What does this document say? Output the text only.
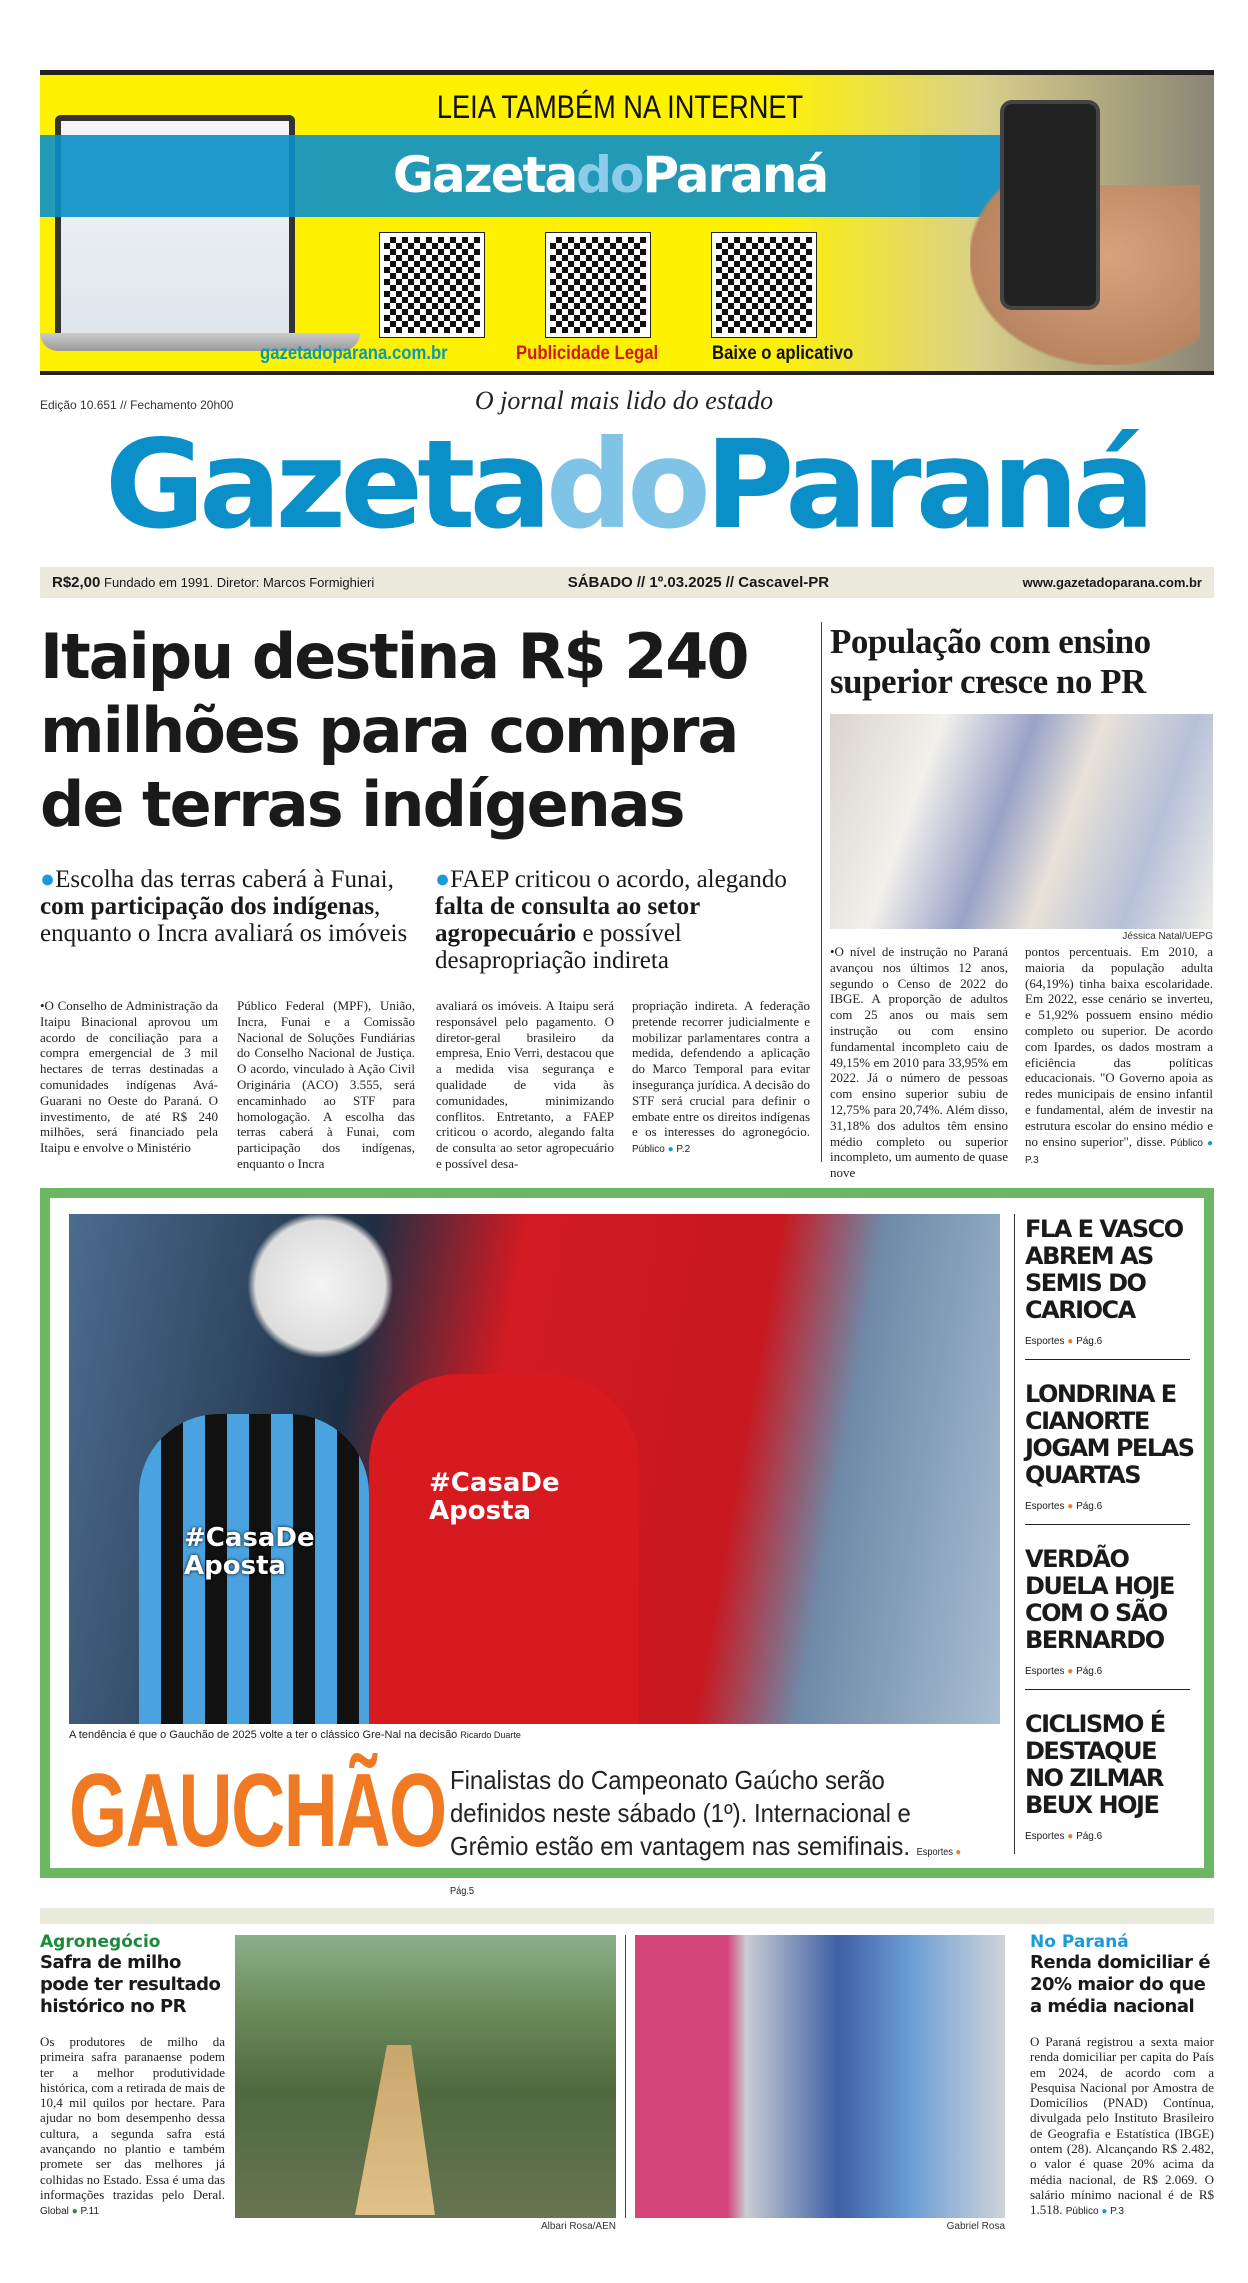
LEIA TAMBÉM NA INTERNET
GazetadoParaná
gazetadoparana.com.br	Publicidade Legal	Baixe o aplicativo
O jornal mais lido do estado
Edição 10.651 // Fechamento 20h00
GazetadoParaná
R$2,00 Fundado em 1991. Diretor: Marcos Formighieri	SÁBADO // 1º.03.2025 // Cascavel-PR	www.gazetadoparana.com.br
Itaipu destina R$ 240 milhões para compra de terras indígenas
●Escolha das terras caberá à Funai, com participação dos indígenas, enquanto o Incra avaliará os imóveis
●FAEP criticou o acordo, alegando falta de consulta ao setor agropecuário e possível desapropriação indireta
•O Conselho de Administração da Itaipu Binacional aprovou um acordo de conciliação para a compra emergencial de 3 mil hectares de terras destinadas a comunidades indígenas Avá-Guarani no Oeste do Paraná. O investimento, de até R$ 240 milhões, será financiado pela Itaipu e envolve o Ministério
Público Federal (MPF), União, Incra, Funai e a Comissão Nacional de Soluções Fundiárias do Conselho Nacional de Justiça. O acordo, vinculado à Ação Civil Originária (ACO) 3.555, será encaminhado ao STF para homologação. A escolha das terras caberá à Funai, com participação dos indígenas, enquanto o Incra
avaliará os imóveis. A Itaipu será responsável pelo pagamento. O diretor-geral brasileiro da empresa, Enio Verri, destacou que a medida visa segurança e qualidade de vida às comunidades, minimizando conflitos. Entretanto, a FAEP criticou o acordo, alegando falta de consulta ao setor agropecuário e possível desa-
propriação indireta. A federação pretende recorrer judicialmente e mobilizar parlamentares contra a medida, defendendo a aplicação do Marco Temporal para evitar insegurança jurídica. A decisão do STF será crucial para definir o embate entre os direitos indígenas e os interesses do agronegócio. Público ● P.2
População com ensino superior cresce no PR
Jéssica Natal/UEPG
•O nível de instrução no Paraná avançou nos últimos 12 anos, segundo o Censo de 2022 do IBGE. A proporção de adultos com 25 anos ou mais sem instrução ou com ensino fundamental incompleto caiu de 49,15% em 2010 para 33,95% em 2022. Já o número de pessoas com ensino superior subiu de 12,75% para 20,74%. Além disso, 31,18% dos adultos têm ensino médio completo ou superior incompleto, um aumento de quase nove
pontos percentuais. Em 2010, a maioria da população adulta (64,19%) tinha baixa escolaridade. Em 2022, esse cenário se inverteu, e 51,92% possuem ensino médio completo ou superior. De acordo com Ipardes, os dados mostram a eficiência das políticas educacionais. "O Governo apoia as redes municipais de ensino infantil e fundamental, além de investir na estrutura escolar do ensino médio e no ensino superior", disse. Público ● P.3
#CasaDe Aposta
#CasaDe Aposta
A tendência é que o Gauchão de 2025 volte a ter o clássico Gre-Nal na decisão Ricardo Duarte
GAUCHÃO Finalistas do Campeonato Gaúcho serão definidos neste sábado (1º). Internacional e Grêmio estão em vantagem nas semifinais. Esportes ● Pág.5
FLA E VASCO ABREM AS SEMIS DO CARIOCA
Esportes ● Pág.6
LONDRINA E CIANORTE JOGAM PELAS QUARTAS
Esportes ● Pág.6
VERDÃO DUELA HOJE COM O SÃO BERNARDO
Esportes ● Pág.6
CICLISMO É DESTAQUE NO ZILMAR BEUX HOJE
Esportes ● Pág.6
Agronegócio
Safra de milho pode ter resultado histórico no PR
Os produtores de milho da primeira safra paranaense podem ter a melhor produtividade histórica, com a retirada de mais de 10,4 mil quilos por hectare. Para ajudar no bom desempenho dessa cultura, a segunda safra está avançando no plantio e também promete ser das melhores já colhidas no Estado. Essa é uma das informações trazidas pelo Deral. Global ● P.11
Albari Rosa/AEN	Gabriel Rosa
No Paraná
Renda domiciliar é 20% maior do que a média nacional
O Paraná registrou a sexta maior renda domiciliar per capita do País em 2024, de acordo com a Pesquisa Nacional por Amostra de Domicílios (PNAD) Contínua, divulgada pelo Instituto Brasileiro de Geografia e Estatística (IBGE) ontem (28). Alcançando R$ 2.482, o valor é quase 20% acima da média nacional, de R$ 2.069. O salário mínimo nacional é de R$ 1.518. Público ● P.3
